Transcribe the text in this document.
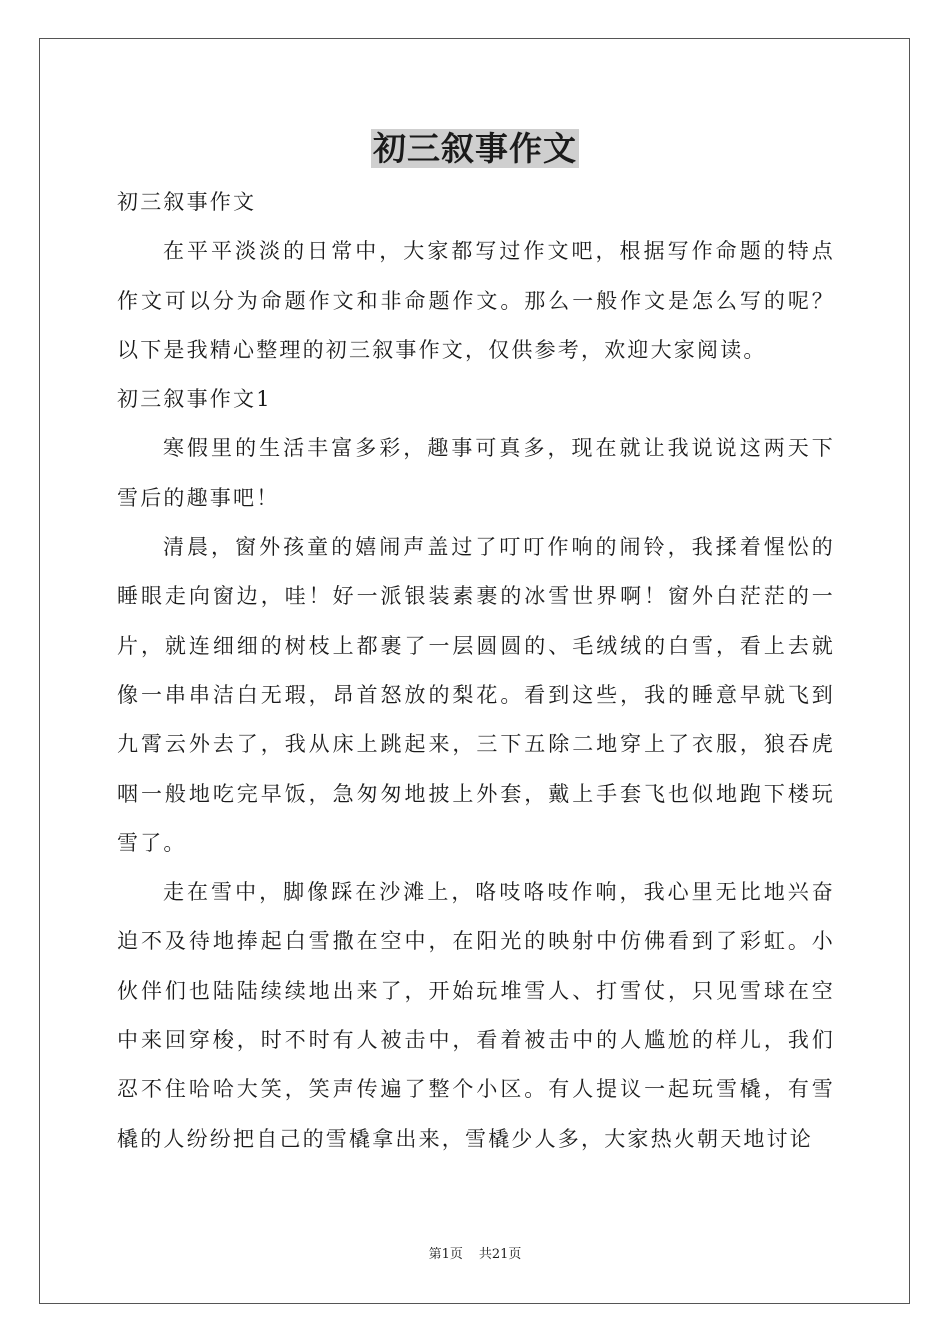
初三叙事作文

初三叙事作文

在平平淡淡的日常中，大家都写过作文吧，根据写作命题的特点作文可以分为命题作文和非命题作文。那么一般作文是怎么写的呢？以下是我精心整理的初三叙事作文，仅供参考，欢迎大家阅读。

初三叙事作文1

寒假里的生活丰富多彩，趣事可真多，现在就让我说说这两天下雪后的趣事吧！

清晨，窗外孩童的嬉闹声盖过了叮叮作响的闹铃，我揉着惺忪的睡眼走向窗边，哇！好一派银装素裹的冰雪世界啊！窗外白茫茫的一片，就连细细的树枝上都裹了一层圆圆的、毛绒绒的白雪，看上去就像一串串洁白无瑕，昂首怒放的梨花。看到这些，我的睡意早就飞到九霄云外去了，我从床上跳起来，三下五除二地穿上了衣服，狼吞虎咽一般地吃完早饭，急匆匆地披上外套，戴上手套飞也似地跑下楼玩雪了。

走在雪中，脚像踩在沙滩上，咯吱咯吱作响，我心里无比地兴奋迫不及待地捧起白雪撒在空中，在阳光的映射中仿佛看到了彩虹。小伙伴们也陆陆续续地出来了，开始玩堆雪人、打雪仗，只见雪球在空中来回穿梭，时不时有人被击中，看着被击中的人尴尬的样儿，我们忍不住哈哈大笑，笑声传遍了整个小区。有人提议一起玩雪橇，有雪橇的人纷纷把自己的雪橇拿出来，雪橇少人多，大家热火朝天地讨论

第1页 共21页
